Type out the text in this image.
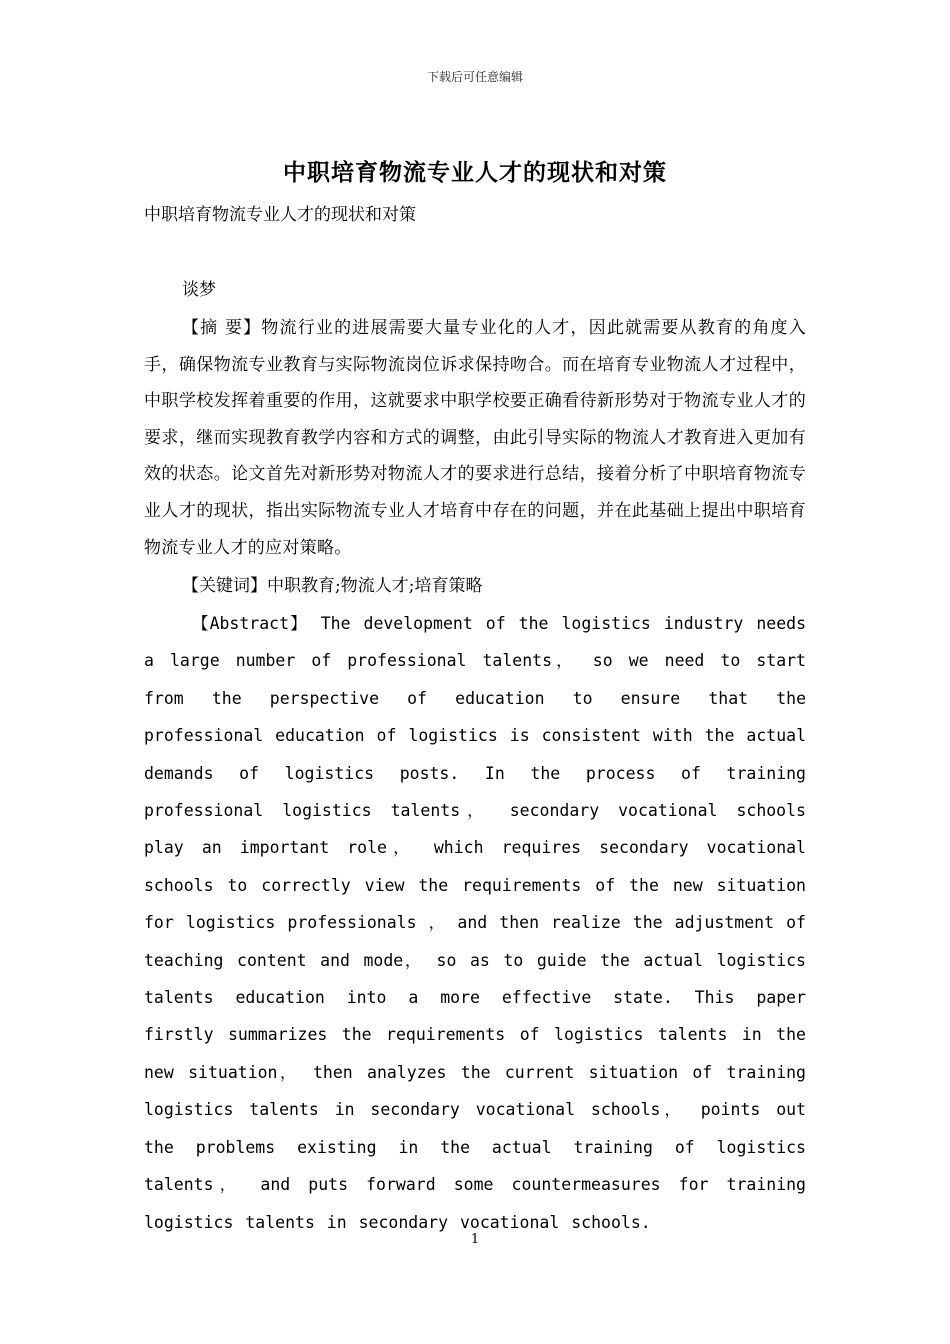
下载后可任意编辑
中职培育物流专业人才的现状和对策
中职培育物流专业人才的现状和对策
谈梦
【摘 要】物流行业的进展需要大量专业化的人才，因此就需要从教育的角度入手，确保物流专业教育与实际物流岗位诉求保持吻合。而在培育专业物流人才过程中，中职学校发挥着重要的作用，这就要求中职学校要正确看待新形势对于物流专业人才的要求，继而实现教育教学内容和方式的调整，由此引导实际的物流人才教育进入更加有效的状态。论文首先对新形势对物流人才的要求进行总结，接着分析了中职培育物流专业人才的现状，指出实际物流专业人才培育中存在的问题，并在此基础上提出中职培育物流专业人才的应对策略。
【关键词】中职教育;物流人才;培育策略
【Abstract】 The development of the logistics industry needs a large number of professional talents， so we need to start from the perspective of education to ensure that the professional education of logistics is consistent with the actual demands of logistics posts. In the process of training professional logistics talents， secondary vocational schools play an important role， which requires secondary vocational schools to correctly view the requirements of the new situation for logistics professionals ， and then realize the adjustment of teaching content and mode， so as to guide the actual logistics talents education into a more effective state. This paper firstly summarizes the requirements of logistics talents in the new situation， then analyzes the current situation of training logistics talents in secondary vocational schools， points out the problems existing in the actual training of logistics talents， and puts forward some countermeasures for training logistics talents in secondary vocational schools.
1
